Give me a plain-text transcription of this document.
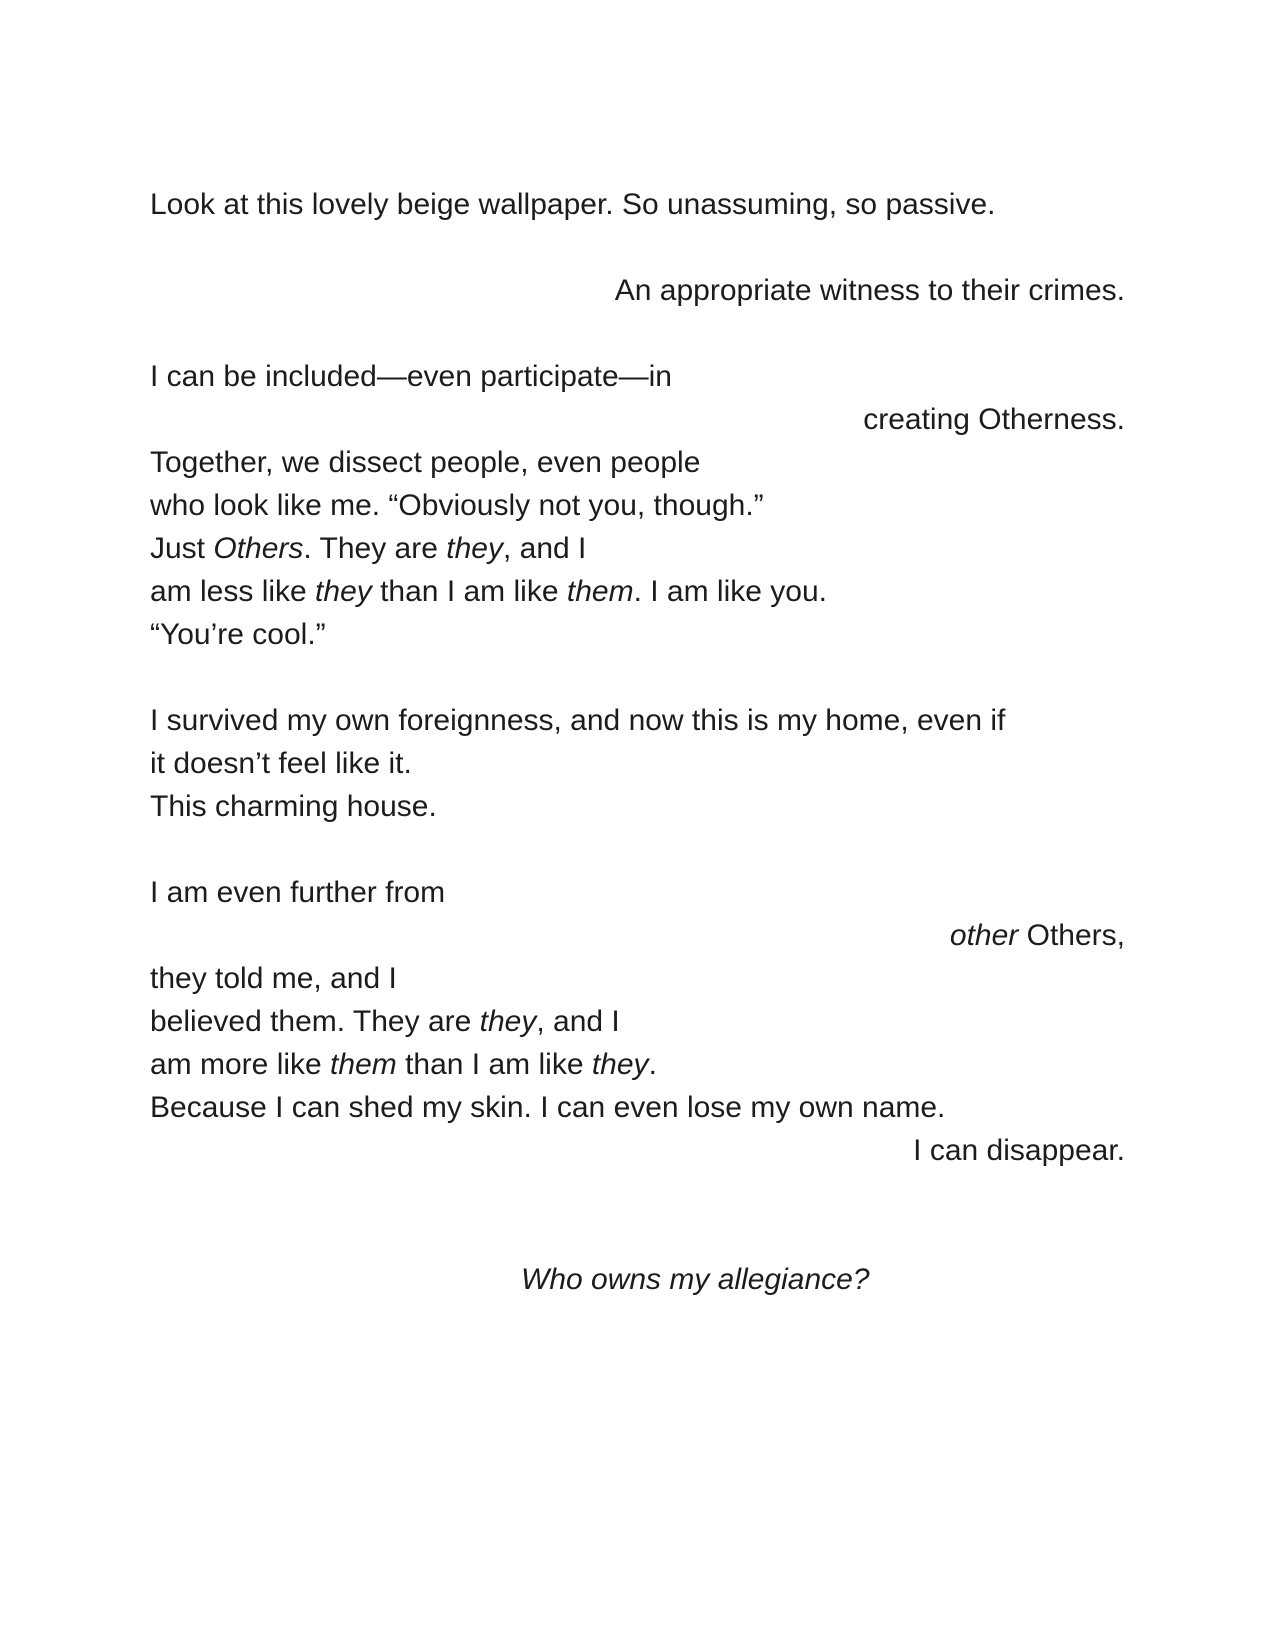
Look at this lovely beige wallpaper. So unassuming, so passive.
An appropriate witness to their crimes.
I can be included—even participate—in
creating Otherness.
Together, we dissect people, even people
who look like me. “Obviously not you, though.”
Just Others. They are they, and I
am less like they than I am like them. I am like you.
“You’re cool.”
I survived my own foreignness, and now this is my home, even if
it doesn’t feel like it.
This charming house.
I am even further from
other Others,
they told me, and I
believed them. They are they, and I
am more like them than I am like they.
Because I can shed my skin. I can even lose my own name.
I can disappear.
Who owns my allegiance?
